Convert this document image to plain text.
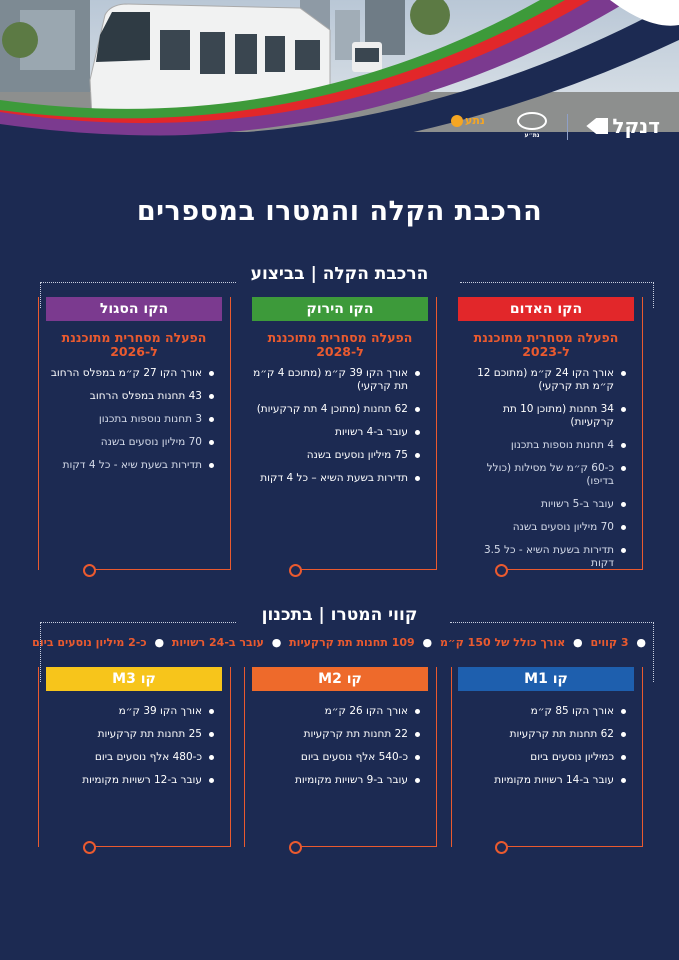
דנקל
נת״ע
נתע
הרכבת הקלה והמטרו במספרים
הרכבת הקלה | בביצוע
הקו האדום
הפעלה מסחרית מתוכננת
ל-2023
אורך הקו 24 ק״מ (מתוכם 12 ק״מ תת קרקעי)
34 תחנות (מתוכן 10 תת קרקעיות)
4 תחנות נוספות בתכנון
כ-60 ק״מ של מסילות (כולל בדיפו)
עובר ב-5 רשויות
70 מיליון נוסעים בשנה
תדירות בשעת השיא - כל 3.5 דקות
הקו הירוק
הפעלה מסחרית מתוכננת
ל-2028
אורך הקו 39 ק״מ (מתוכם 4 ק״מ תת קרקעי)
62 תחנות (מתוכן 4 תת קרקעיות)
עובר ב-4 רשויות
75 מיליון נוסעים בשנה
תדירות בשעת השיא – כל 4 דקות
הקו הסגול
הפעלה מסחרית מתוכננת
ל-2026
אורך הקו 27 ק״מ במפלס הרחוב
43 תחנות במפלס הרחוב
3 תחנות נוספות בתכנון
70 מיליון נוסעים בשנה
תדירות בשעת שיא - כל 4 דקות
קווי המטרו | בתכנון
● 3 קווים ● אורך כולל של 150 ק״מ ● 109 תחנות תת קרקעיות ● עובר ב-24 רשויות ● כ-2 מיליון נוסעים ביום
קו M1
אורך הקו 85 ק״מ
62 תחנות תת קרקעיות
כמיליון נוסעים ביום
עובר ב-14 רשויות מקומיות
קו M2
אורך הקו 26 ק״מ
22 תחנות תת קרקעיות
כ-540 אלף נוסעים ביום
עובר ב-9 רשויות מקומיות
קו M3
אורך הקו 39 ק״מ
25 תחנות תת קרקעיות
כ-480 אלף נוסעים ביום
עובר ב-12 רשויות מקומיות
